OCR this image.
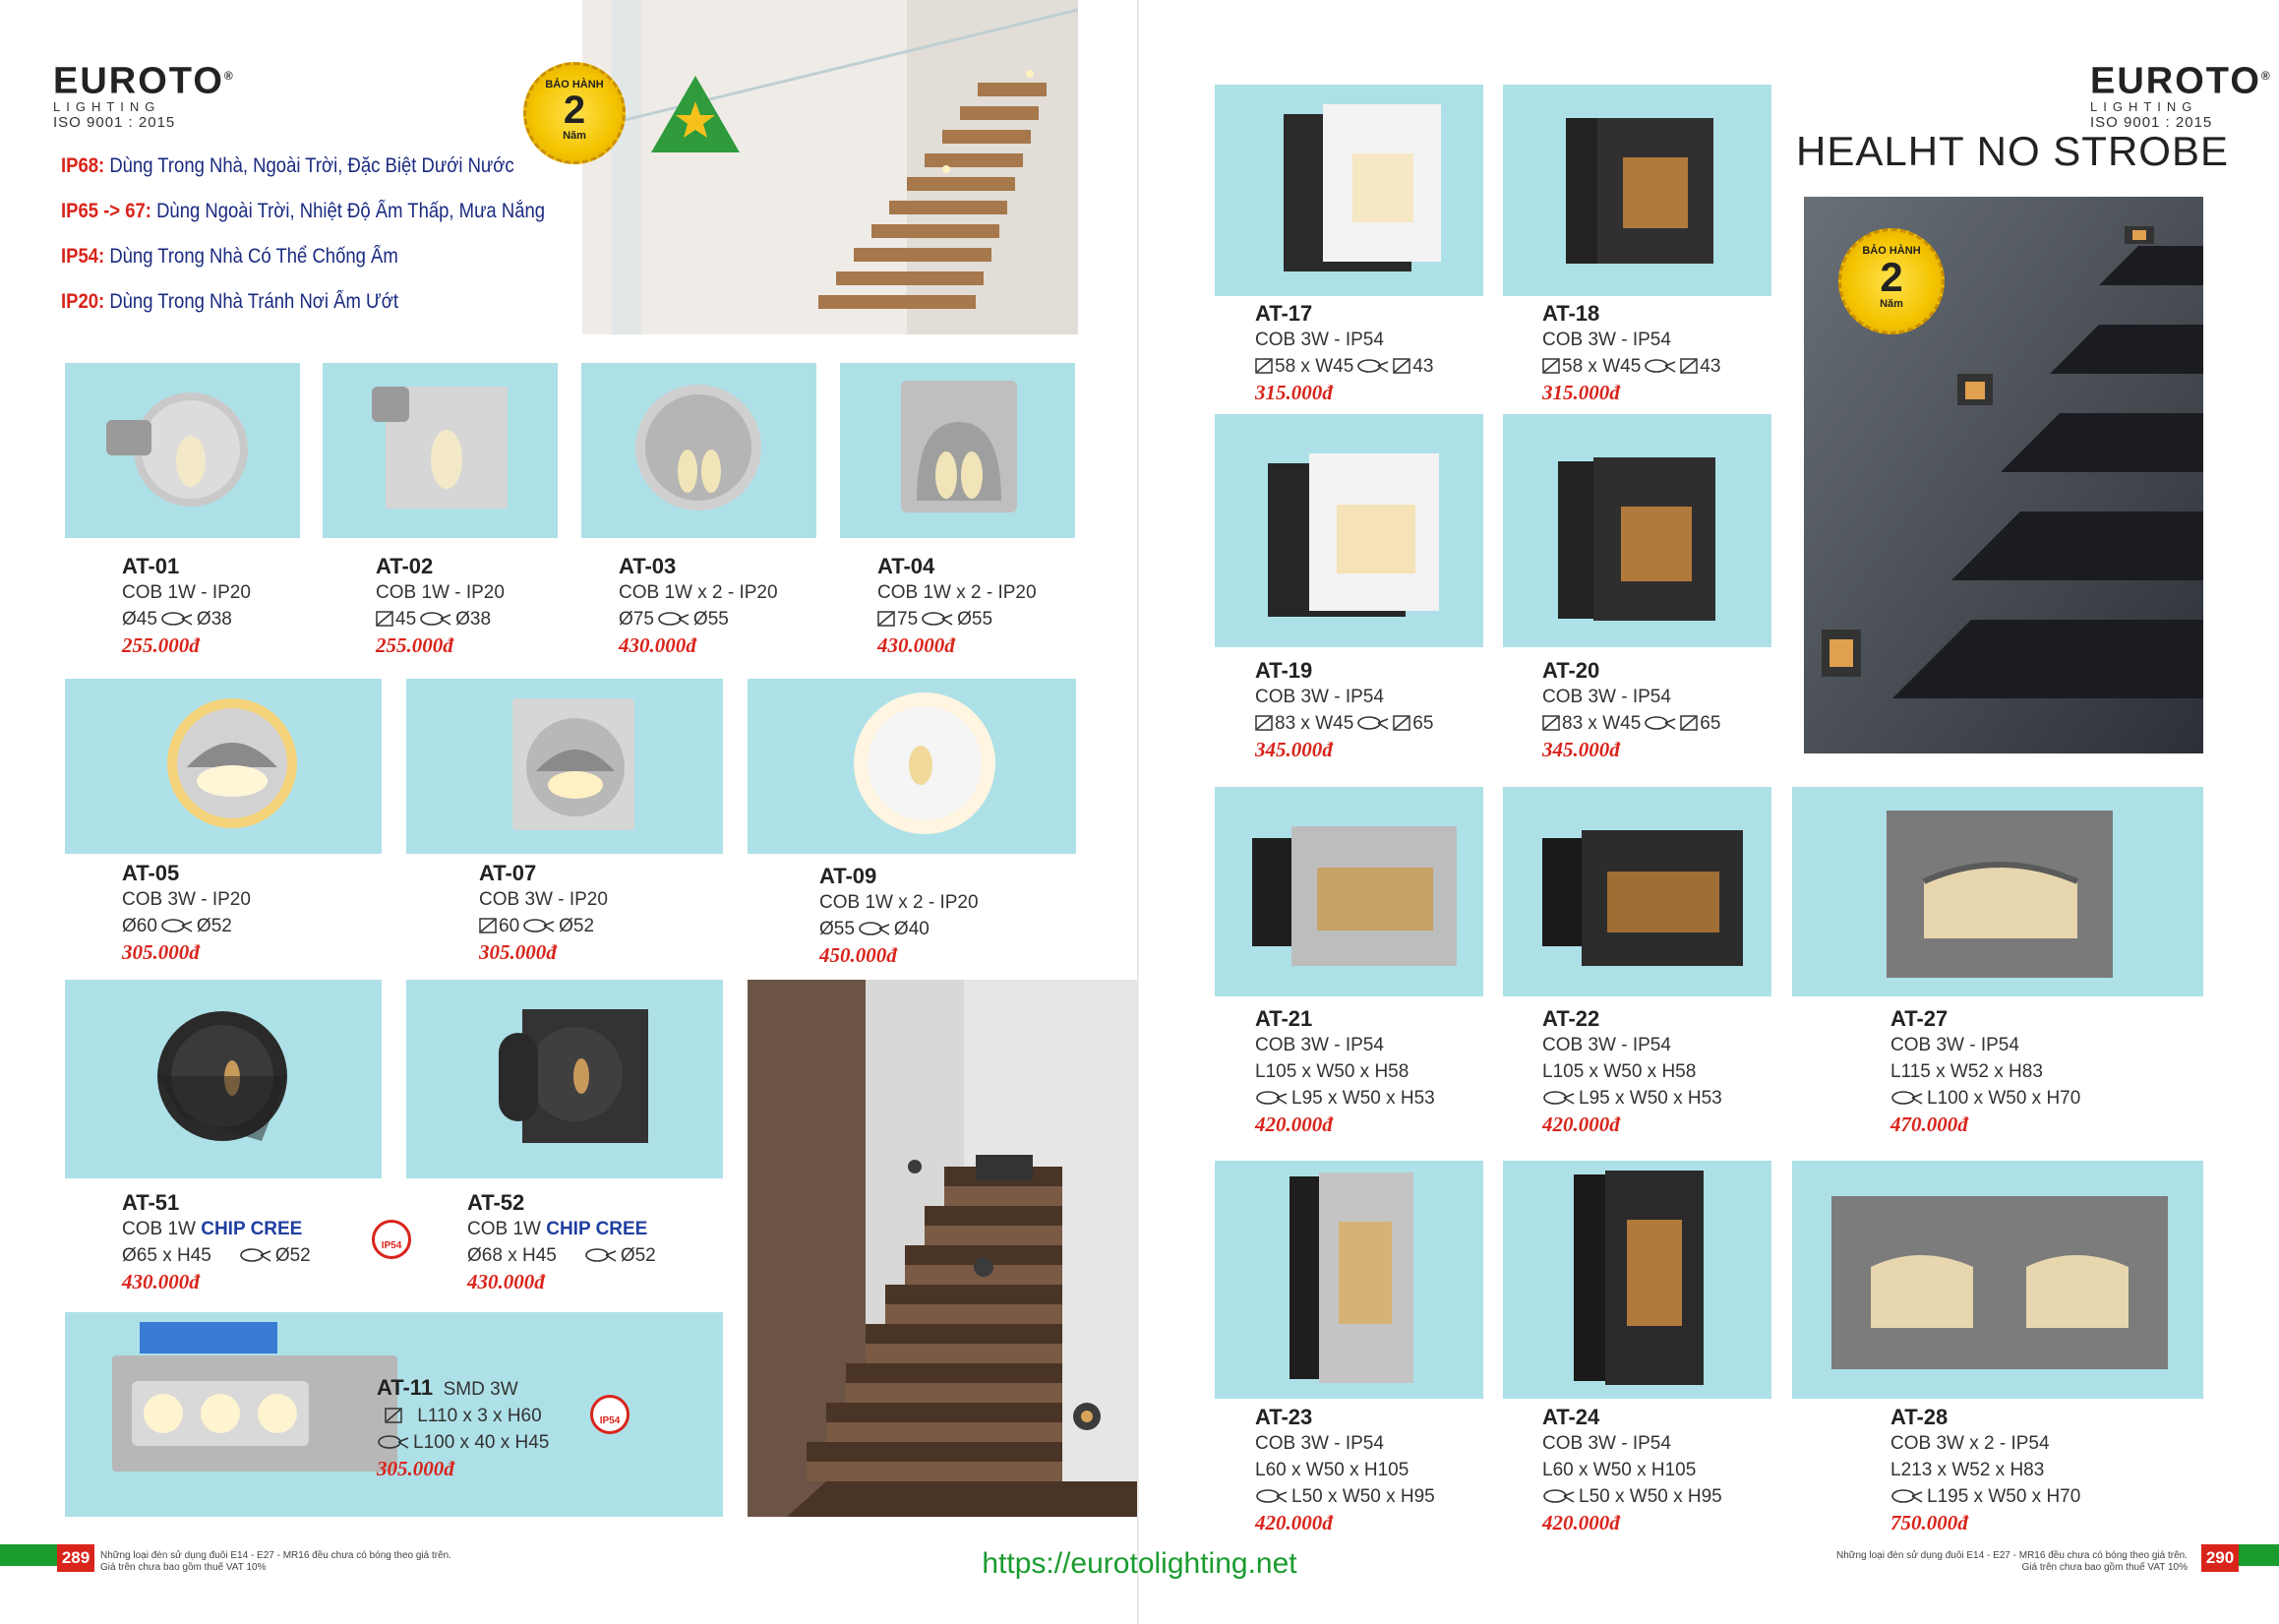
EUROTO®
LIGHTING
ISO 9001 : 2015
BẢO HÀNH
2
Năm
IP68: Dùng Trong Nhà, Ngoài Trời, Đặc Biệt Dưới Nước
IP65 -> 67: Dùng Ngoài Trời, Nhiệt Độ Ẩm Thấp, Mưa Nắng
IP54: Dùng Trong Nhà Có Thể Chống Ẩm
IP20: Dùng Trong Nhà Tránh Nơi Ẩm Ướt
AT-01
COB 1W - IP20
Ø45 Ø38
255.000đ
AT-02
COB 1W - IP20
45 Ø38
255.000đ
AT-03
COB 1W x 2 - IP20
Ø75 Ø55
430.000đ
AT-04
COB 1W x 2 - IP20
75 Ø55
430.000đ
AT-05
COB 3W - IP20
Ø60 Ø52
305.000đ
AT-07
COB 3W - IP20
60 Ø52
305.000đ
AT-09
COB 1W x 2 - IP20
Ø55 Ø40
450.000đ
AT-51
COB 1W CHIP CREE
Ø65 x H45	Ø52
430.000đ
IP54
AT-52
COB 1W CHIP CREE
Ø68 x H45	Ø52
430.000đ
AT-11 SMD 3W
L110 x 3 x H60
L100 x 40 x H45
305.000đ
IP54
289	Những loại đèn sử dụng đuôi E14 - E27 - MR16 đều chưa có bóng theo giá trên.
Giá trên chưa bao gồm thuế VAT 10%
EUROTO®
LIGHTING
ISO 9001 : 2015
HEALHT NO STROBE
BẢO HÀNH
2
Năm
AT-17
COB 3W - IP54
58 x W45	43
315.000đ
AT-18
COB 3W - IP54
58 x W45	43
315.000đ
AT-19
COB 3W - IP54
83 x W45	65
345.000đ
AT-20
COB 3W - IP54
83 x W45	65
345.000đ
AT-21
COB 3W - IP54
L105 x W50 x H58
L95 x W50 x H53
420.000đ
AT-22
COB 3W - IP54
L105 x W50 x H58
L95 x W50 x H53
420.000đ
AT-27
COB 3W - IP54
L115 x W52 x H83
L100 x W50 x H70
470.000đ
AT-23
COB 3W - IP54
L60 x W50 x H105
L50 x W50 x H95
420.000đ
AT-24
COB 3W - IP54
L60 x W50 x H105
L50 x W50 x H95
420.000đ
AT-28
COB 3W x 2 - IP54
L213 x W52 x H83
L195 x W50 x H70
750.000đ
Những loại đèn sử dụng đuôi E14 - E27 - MR16 đều chưa có bóng theo giá trên.
Giá trên chưa bao gồm thuế VAT 10%
290
https://eurotolighting.net
